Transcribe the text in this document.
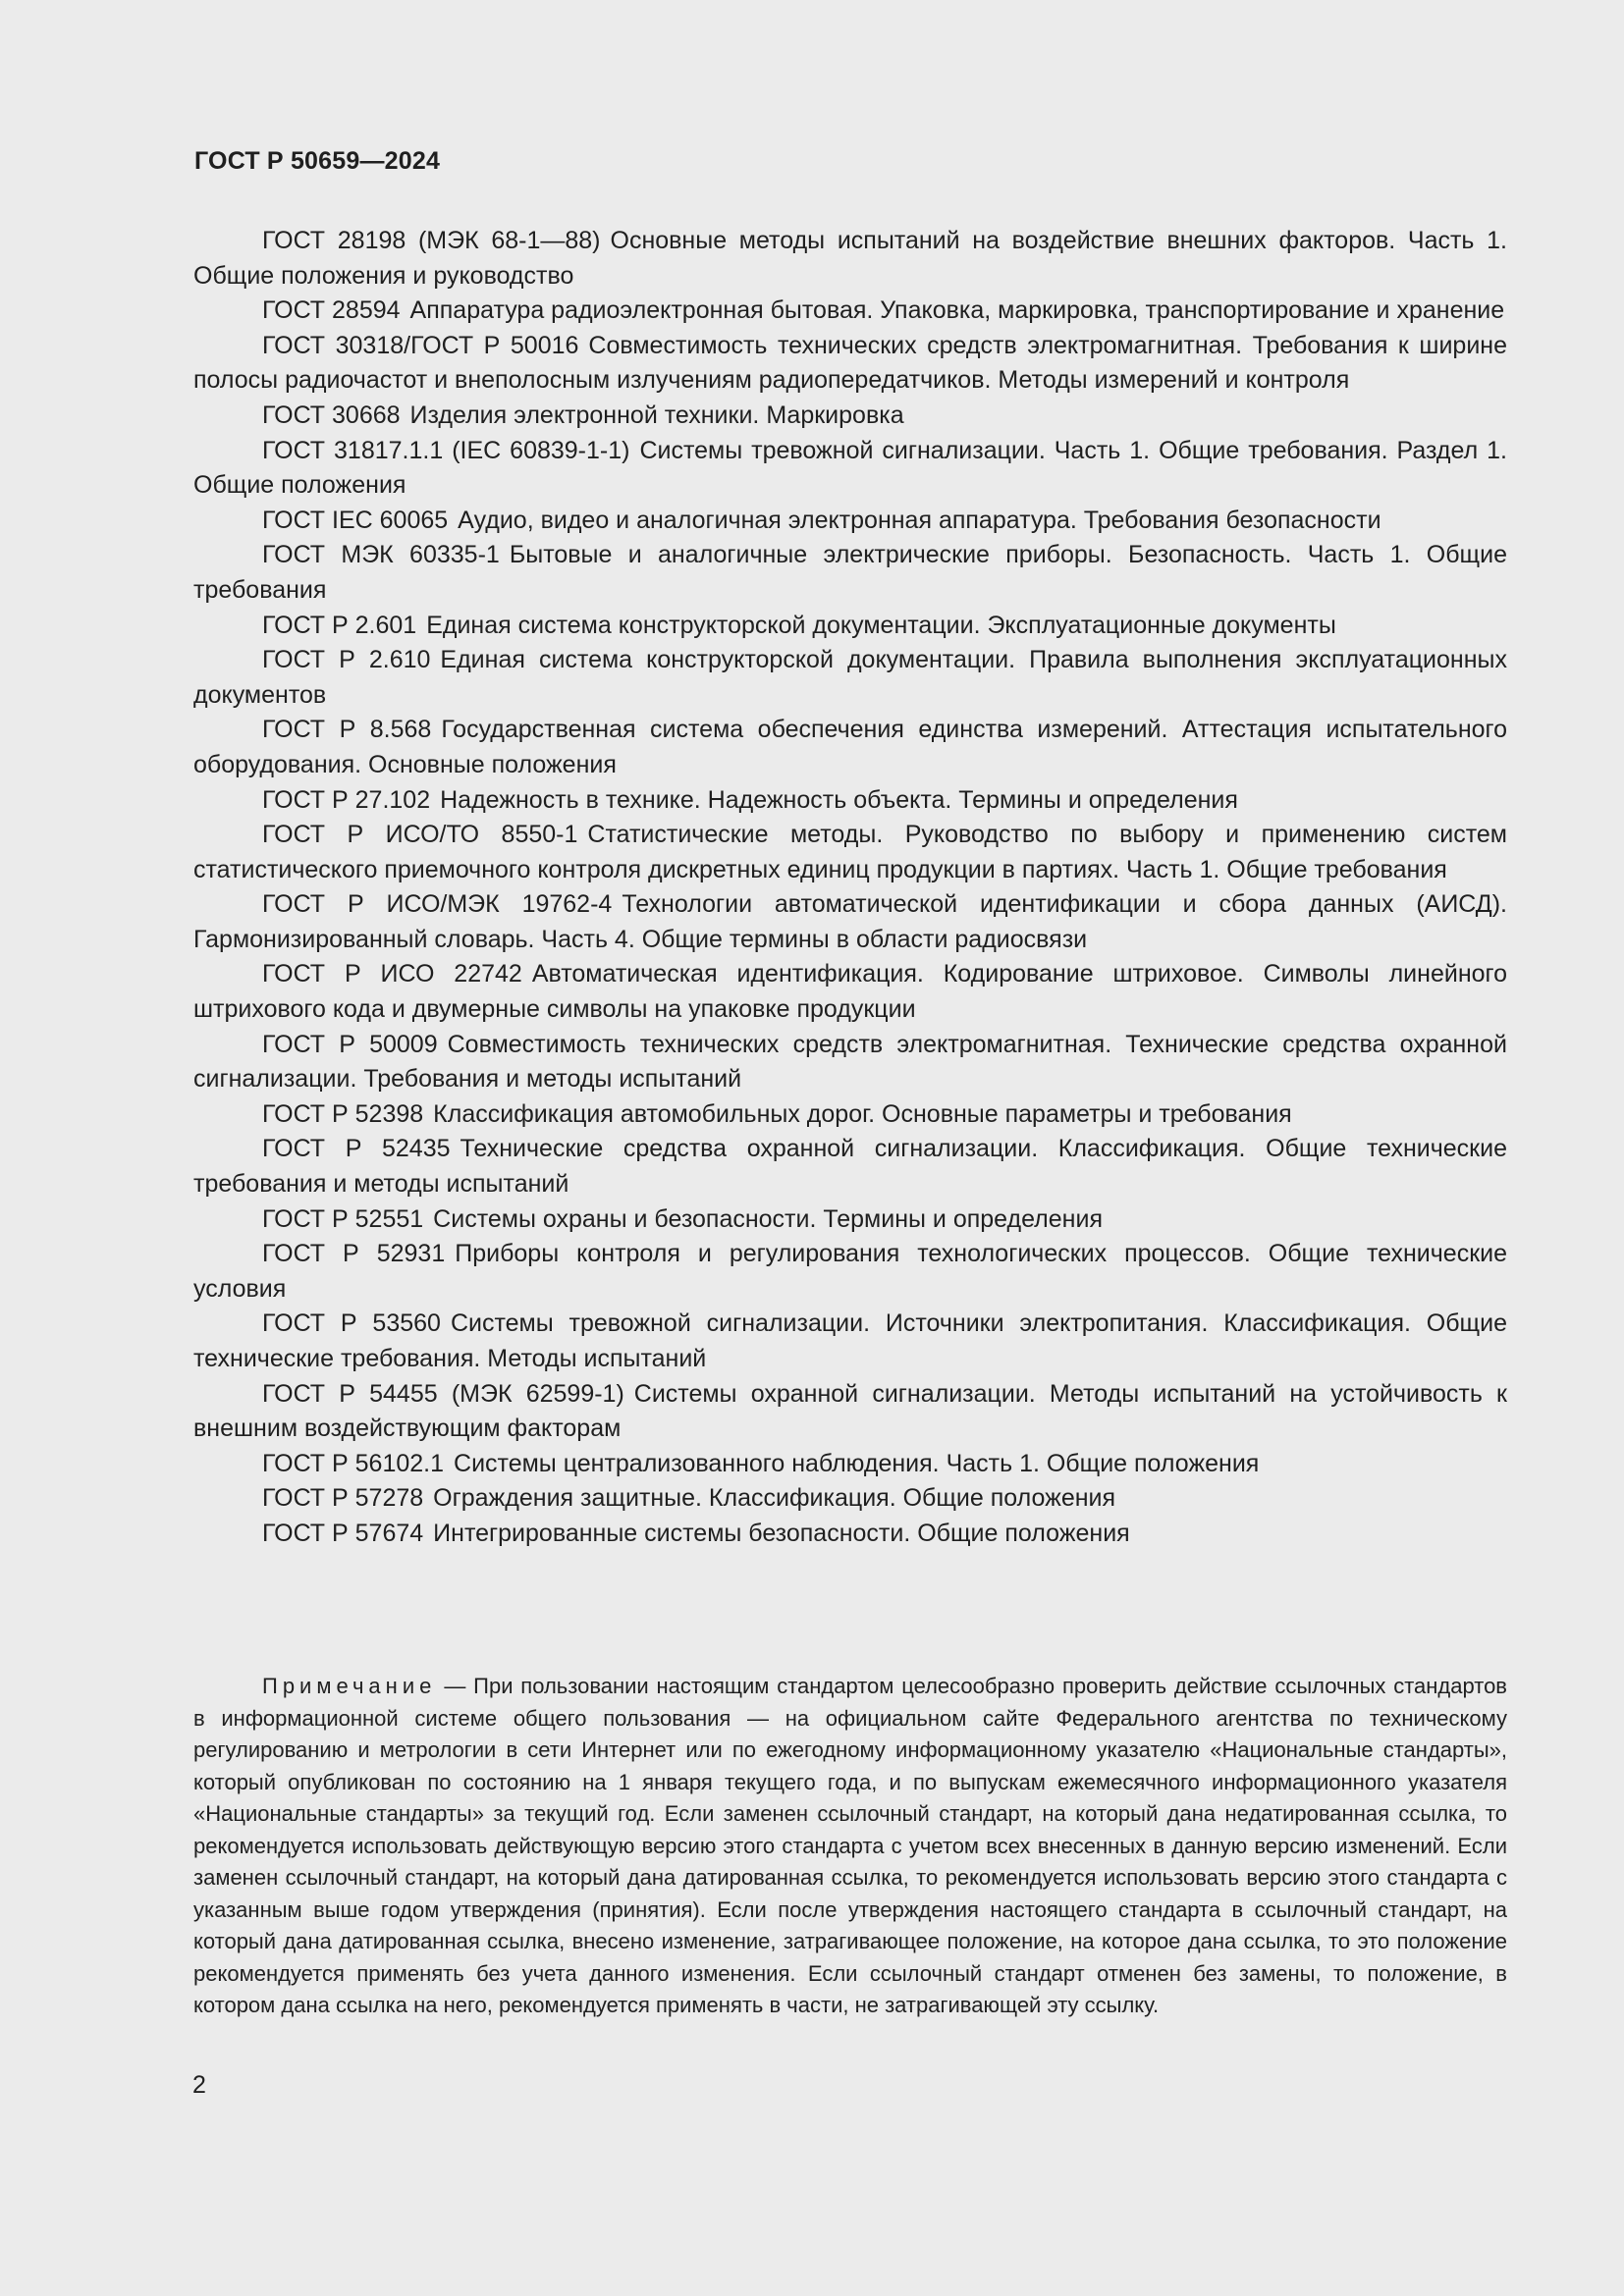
ГОСТ Р 50659—2024
ГОСТ 28198 (МЭК 68-1—88) Основные методы испытаний на воздействие внешних факторов. Часть 1. Общие положения и руководство
ГОСТ 28594 Аппаратура радиоэлектронная бытовая. Упаковка, маркировка, транспортирование и хранение
ГОСТ 30318/ГОСТ Р 50016 Совместимость технических средств электромагнитная. Требования к ширине полосы радиочастот и внеполосным излучениям радиопередатчиков. Методы измерений и контроля
ГОСТ 30668 Изделия электронной техники. Маркировка
ГОСТ 31817.1.1 (IEC 60839-1-1) Системы тревожной сигнализации. Часть 1. Общие требования. Раздел 1. Общие положения
ГОСТ IEC 60065 Аудио, видео и аналогичная электронная аппаратура. Требования безопасности
ГОСТ МЭК 60335-1 Бытовые и аналогичные электрические приборы. Безопасность. Часть 1. Общие требования
ГОСТ Р 2.601 Единая система конструкторской документации. Эксплуатационные документы
ГОСТ Р 2.610 Единая система конструкторской документации. Правила выполнения эксплуатационных документов
ГОСТ Р 8.568 Государственная система обеспечения единства измерений. Аттестация испытательного оборудования. Основные положения
ГОСТ Р 27.102 Надежность в технике. Надежность объекта. Термины и определения
ГОСТ Р ИСО/ТО 8550-1 Статистические методы. Руководство по выбору и применению систем статистического приемочного контроля дискретных единиц продукции в партиях. Часть 1. Общие требования
ГОСТ Р ИСО/МЭК 19762-4 Технологии автоматической идентификации и сбора данных (АИСД). Гармонизированный словарь. Часть 4. Общие термины в области радиосвязи
ГОСТ Р ИСО 22742 Автоматическая идентификация. Кодирование штриховое. Символы линейного штрихового кода и двумерные символы на упаковке продукции
ГОСТ Р 50009 Совместимость технических средств электромагнитная. Технические средства охранной сигнализации. Требования и методы испытаний
ГОСТ Р 52398 Классификация автомобильных дорог. Основные параметры и требования
ГОСТ Р 52435 Технические средства охранной сигнализации. Классификация. Общие технические требования и методы испытаний
ГОСТ Р 52551 Системы охраны и безопасности. Термины и определения
ГОСТ Р 52931 Приборы контроля и регулирования технологических процессов. Общие технические условия
ГОСТ Р 53560 Системы тревожной сигнализации. Источники электропитания. Классификация. Общие технические требования. Методы испытаний
ГОСТ Р 54455 (МЭК 62599-1) Системы охранной сигнализации. Методы испытаний на устойчивость к внешним воздействующим факторам
ГОСТ Р 56102.1 Системы централизованного наблюдения. Часть 1. Общие положения
ГОСТ Р 57278 Ограждения защитные. Классификация. Общие положения
ГОСТ Р 57674 Интегрированные системы безопасности. Общие положения

Примечание — При пользовании настоящим стандартом целесообразно проверить действие ссылочных стандартов в информационной системе общего пользования — на официальном сайте Федерального агентства по техническому регулированию и метрологии в сети Интернет или по ежегодному информационному указателю «Национальные стандарты», который опубликован по состоянию на 1 января текущего года, и по выпускам ежемесячного информационного указателя «Национальные стандарты» за текущий год. Если заменен ссылочный стандарт, на который дана недатированная ссылка, то рекомендуется использовать действующую версию этого стандарта с учетом всех внесенных в данную версию изменений. Если заменен ссылочный стандарт, на который дана датированная ссылка, то рекомендуется использовать версию этого стандарта с указанным выше годом утверждения (принятия). Если после утверждения настоящего стандарта в ссылочный стандарт, на который дана датированная ссылка, внесено изменение, затрагивающее положение, на которое дана ссылка, то это положение рекомендуется применять без учета данного изменения. Если ссылочный стандарт отменен без замены, то положение, в котором дана ссылка на него, рекомендуется применять в части, не затрагивающей эту ссылку.

2
